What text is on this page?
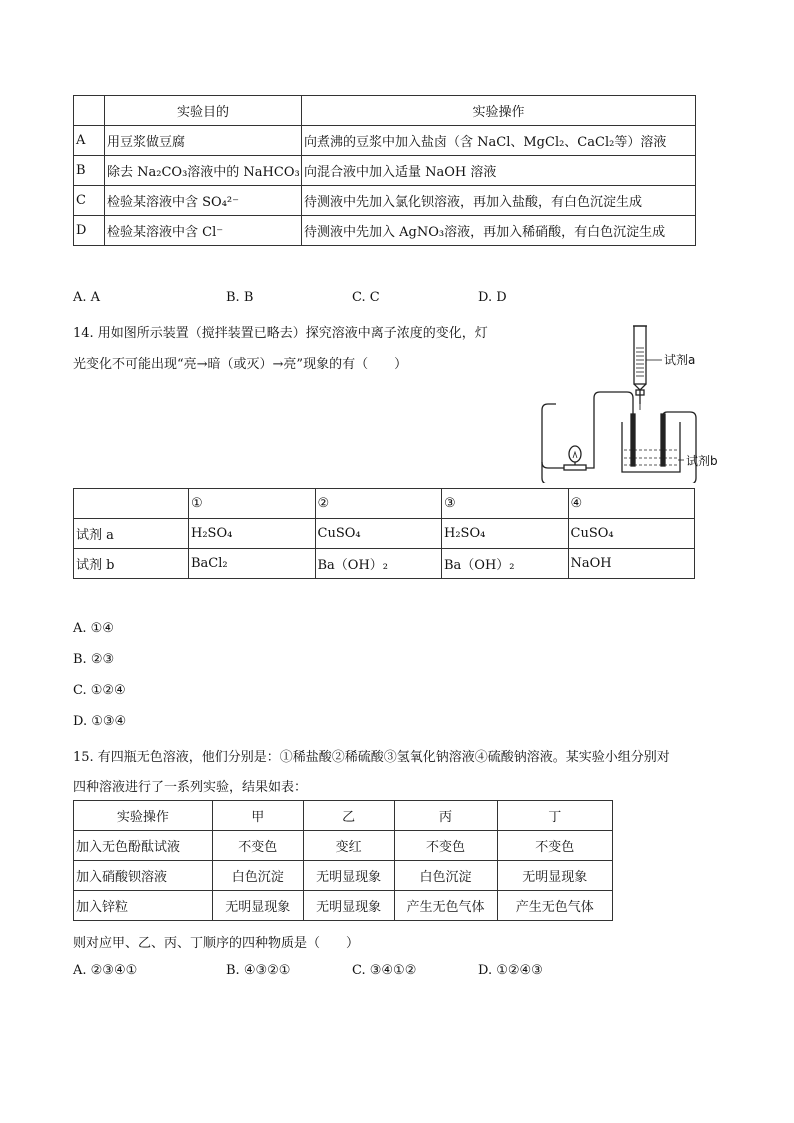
	实验目的	实验操作
A	用豆浆做豆腐	向煮沸的豆浆中加入盐卤（含 NaCl、MgCl₂、CaCl₂等）溶液
B	除去 Na₂CO₃溶液中的 NaHCO₃	向混合液中加入适量 NaOH 溶液
C	检验某溶液中含 SO₄²⁻	待测液中先加入氯化钡溶液，再加入盐酸，有白色沉淀生成
D	检验某溶液中含 Cl⁻	待测液中先加入 AgNO₃溶液，再加入稀硝酸，有白色沉淀生成
A. A	B. B	C. C	D. D
14. 用如图所示装置（搅拌装置已略去）探究溶液中离子浓度的变化，灯
光变化不可能出现“亮→暗（或灭）→亮”现象的有（　　）	试剂a
试剂b
	①	②	③	④
试剂 a	H₂SO₄	CuSO₄	H₂SO₄	CuSO₄
试剂 b	BaCl₂	Ba（OH）₂	Ba（OH）₂	NaOH
A. ①④
B. ②③
C. ①②④
D. ①③④
15. 有四瓶无色溶液，他们分别是：①稀盐酸②稀硫酸③氢氧化钠溶液④硫酸钠溶液。某实验小组分别对
四种溶液进行了一系列实验，结果如表：
实验操作	甲	乙	丙	丁
加入无色酚酞试液	不变色	变红	不变色	不变色
加入硝酸钡溶液	白色沉淀	无明显现象	白色沉淀	无明显现象
加入锌粒	无明显现象	无明显现象	产生无色气体	产生无色气体
则对应甲、乙、丙、丁顺序的四种物质是（　　）
A. ②③④①	B. ④③②①	C. ③④①②	D. ①②④③
